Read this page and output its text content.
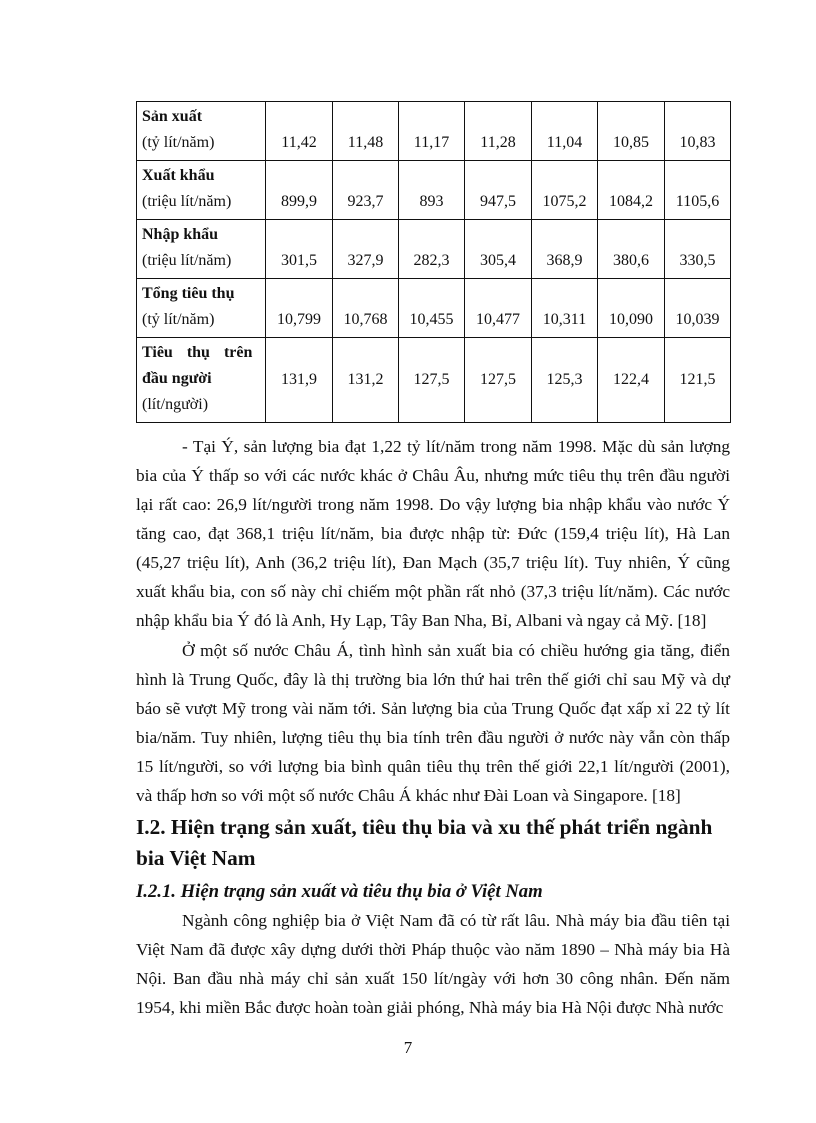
Sản xuất
(tỷ lít/năm)	11,42	11,48	11,17	11,28	11,04	10,85	10,83

Xuất khẩu
(triệu lít/năm)	899,9	923,7	893	947,5	1075,2	1084,2	1105,6

Nhập khẩu
(triệu lít/năm)	301,5	327,9	282,3	305,4	368,9	380,6	330,5

Tổng tiêu thụ
(tỷ lít/năm)	10,799	10,768	10,455	10,477	10,311	10,090	10,039

Tiêu thụ trên
đầu người
(lít/người)	131,9	131,2	127,5	127,5	125,3	122,4	121,5

- Tại Ý, sản lượng bia đạt 1,22 tỷ lít/năm trong năm 1998. Mặc dù sản lượng bia của Ý thấp so với các nước khác ở Châu Âu, nhưng mức tiêu thụ trên đầu người lại rất cao: 26,9 lít/người trong năm 1998. Do vậy lượng bia nhập khẩu vào nước Ý tăng cao, đạt 368,1 triệu lít/năm, bia được nhập từ: Đức (159,4 triệu lít), Hà Lan (45,27 triệu lít), Anh (36,2 triệu lít), Đan Mạch (35,7 triệu lít). Tuy nhiên, Ý cũng xuất khẩu bia, con số này chỉ chiếm một phần rất nhỏ (37,3 triệu lít/năm). Các nước nhập khẩu bia Ý đó là Anh, Hy Lạp, Tây Ban Nha, Bỉ, Albani và ngay cả Mỹ. [18]

Ở một số nước Châu Á, tình hình sản xuất bia có chiều hướng gia tăng, điển hình là Trung Quốc, đây là thị trường bia lớn thứ hai trên thế giới chỉ sau Mỹ và dự báo sẽ vượt Mỹ trong vài năm tới. Sản lượng bia của Trung Quốc đạt xấp xỉ 22 tỷ lít bia/năm. Tuy nhiên, lượng tiêu thụ bia tính trên đầu người ở nước này vẫn còn thấp 15 lít/người, so với lượng bia bình quân tiêu thụ trên thế giới 22,1 lít/người (2001), và thấp hơn so với một số nước Châu Á khác như Đài Loan và Singapore. [18]

I.2. Hiện trạng sản xuất, tiêu thụ bia và xu thế phát triển ngành bia Việt Nam
I.2.1. Hiện trạng sản xuất và tiêu thụ bia ở Việt Nam

Ngành công nghiệp bia ở Việt Nam đã có từ rất lâu. Nhà máy bia đầu tiên tại Việt Nam đã được xây dựng dưới thời Pháp thuộc vào năm 1890 – Nhà máy bia Hà Nội. Ban đầu nhà máy chỉ sản xuất 150 lít/ngày với hơn 30 công nhân. Đến năm 1954, khi miền Bắc được hoàn toàn giải phóng, Nhà máy bia Hà Nội được Nhà nước

7
